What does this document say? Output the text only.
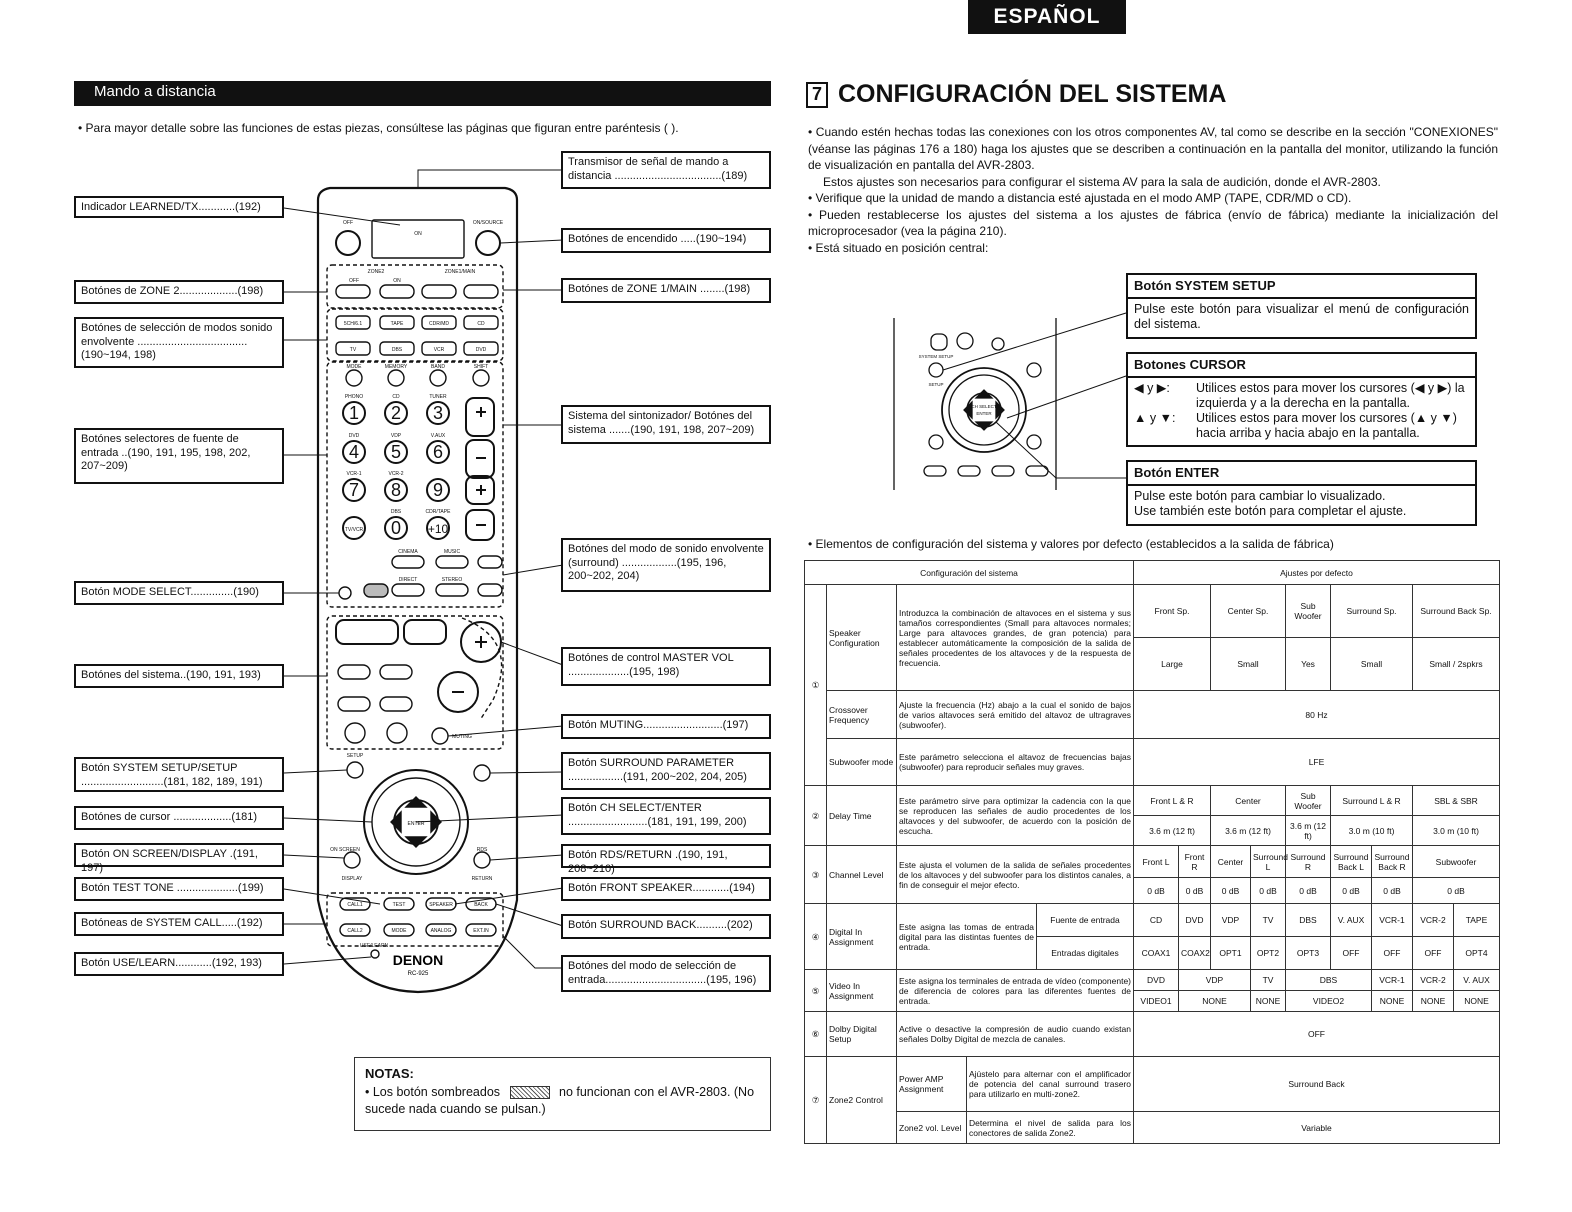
ESPAÑOL
Mando a distancia
• Para mayor detalle sobre las funciones de estas piezas, consúltese las páginas que figuran entre paréntesis ( ).
1 2 3
4 5 6
7 8 9
0 +10
OFF	ON/SOURCE
ON
OFF	ON
ZONE2	ZONE1/MAIN
5CH/6.1	TAPE	CDR/MD	CD
TV	DBS	VCR	DVD
MODE	MEMORY	BAND	SHIFT
PHONO	CD	TUNER
DVD	VDP	V.AUX
VCR-1	VCR-2
TV/VCR
DBS	CDR/TAPE
CINEMA	MUSIC
DIRECT	STEREO
SETUP
ENTER
DISPLAY	RETURN
CALL1	TEST	SPEAKER	BACK
CALL2	MODE	ANALOG	EXT.IN
MUTING
ON SCREEN	RDS
USE/LEARN
DENON
RC-925
Indicador LEARNED/TX............(192)
Botónes de ZONE 2...................(198)
Botónes de selección de modos sonido envolvente ....................................(190~194, 198)
Botónes selectores de fuente de entrada ..(190, 191, 195, 198, 202, 207~209)
Botón MODE SELECT..............(190)
Botónes del sistema..(190, 191, 193)
Botón SYSTEM SETUP/SETUP ...........................(181, 182, 189, 191)
Botónes de cursor ...................(181)
Botón ON SCREEN/DISPLAY .(191, 197)
Botón TEST TONE ....................(199)
Botóneas de SYSTEM CALL.....(192)
Botón USE/LEARN............(192, 193)
Transmisor de señal de mando a distancia ...................................(189)
Botónes de encendido .....(190~194)
Botónes de ZONE 1/MAIN ........(198)
Sistema del sintonizador/ Botónes del sistema .......(190, 191, 198, 207~209)
Botónes del modo de sonido envolvente (surround) ..................(195, 196, 200~202, 204)
Botónes de control MASTER VOL ....................(195, 198)
Botón MUTING..........................(197)
Botón SURROUND PARAMETER ..................(191, 200~202, 204, 205)
Botón CH SELECT/ENTER ..........................(181, 191, 199, 200)
Botón RDS/RETURN .(190, 191, 208~210)
Botón FRONT SPEAKER............(194)
Botón SURROUND BACK..........(202)
Botónes del modo de selección de entrada.................................(195, 196)
NOTAS:
• Los botón sombreados	no funcionan con el AVR-2803. (No sucede nada cuando se pulsan.)
7 CONFIGURACIÓN DEL SISTEMA
• Cuando estén hechas todas las conexiones con los otros componentes AV, tal como se describe en la sección "CONEXIONES" (véanse las páginas 176 a 180) haga los ajustes que se describen a continuación en la pantalla del monitor, utilizando la función de visualización en pantalla del AVR-2803.
Estos ajustes son necesarios para configurar el sistema AV para la sala de audición, donde el AVR-2803.
• Verifique que la unidad de mando a distancia esté ajustada en el modo AMP (TAPE, CDR/MD o CD).
• Pueden restablecerse los ajustes del sistema a los ajustes de fábrica (envío de fábrica) mediante la inicialización del microprocesador (vea la página 210).
• Está situado en posición central:
SYSTEM SETUP
SETUP
CH SELECT
ENTER
Botón SYSTEM SETUP
Pulse este botón para visualizar el menú de configuración del sistema.
Botones CURSOR
◀ y ▶:	Utilices estos para mover los cursores (◀ y ▶) la izquierda y a la derecha en la pantalla.
▲ y ▼:	Utilices estos para mover los cursores (▲ y ▼) hacia arriba y hacia abajo en la pantalla.
Botón ENTER
Pulse este botón para cambiar lo visualizado.
Use también este botón para completar el ajuste.
• Elementos de configuración del sistema y valores por defecto (establecidos a la salida de fábrica)
Configuración del sistema					Ajustes por defecto									
①	Speaker Configuration	Introduzca la combinación de altavoces en el sistema y sus tamaños correspondientes (Small para altavoces normales; Large para altavoces grandes, de gran potencia) para establecer automáticamente la composición de la salida de señales procedentes de los altavoces y de la respuesta de frecuencia.			Front Sp.		Center Sp.		Sub Woofer	Surround Sp.		Surround Back Sp.		
					Large		Small		Yes	Small		Small / 2spkrs		
	Crossover Frequency	Ajuste la frecuencia (Hz) abajo a la cual el sonido de bajos de varios altavoces será emitido del altavoz de ultragraves (subwoofer).			80 Hz									
	Subwoofer mode	Este parámetro selecciona el altavoz de frecuencias bajas (subwoofer) para reproducir señales muy graves.			LFE									
②	Delay Time	Este parámetro sirve para optimizar la cadencia con la que se reproducen las señales de audio procedentes de los altavoces y del subwoofer, de acuerdo con la posición de escucha.			Front L & R		Center		Sub Woofer	Surround L & R		SBL & SBR		
					3.6 m (12 ft)		3.6 m (12 ft)		3.6 m (12 ft)	3.0 m (10 ft)		3.0 m (10 ft)		
③	Channel Level	Este ajusta el volumen de la salida de señales procedentes de los altavoces y del subwoofer para los distintos canales, a fin de conseguir el mejor efecto.			Front L	Front R	Center	Surround L	Surround R	Surround Back L	Surround Back R	Subwoofer		
					0 dB	0 dB	0 dB	0 dB	0 dB	0 dB	0 dB	0 dB		
④	Digital In Assignment	Este asigna las tomas de entrada digital para las distintas fuentes de entrada.		Fuente de entrada	CD	DVD	VDP	TV	DBS	V. AUX	VCR-1	VCR-2	TAPE	
				Entradas digitales	COAX1	COAX2	OPT1	OPT2	OPT3	OFF	OFF	OFF	OPT4	
⑤	Video In Assignment	Este asigna los terminales de entrada de vídeo (componente) de diferencia de colores para las diferentes fuentes de entrada.			DVD	VDP		TV	DBS		VCR-1	VCR-2	V. AUX	
					VIDEO1	NONE		NONE	VIDEO2		NONE	NONE	NONE	
⑥	Dolby Digital Setup	Active o desactive la compresión de audio cuando existan señales Dolby Digital de mezcla de canales.			OFF									
⑦	Zone2 Control	Power AMP Assignment	Ajústelo para alternar con el amplificador de potencia del canal surround trasero para utilizarlo en multi-zone2.		Surround Back									
		Zone2 vol. Level	Determina el nivel de salida para los conectores de salida Zone2.		Variable									
